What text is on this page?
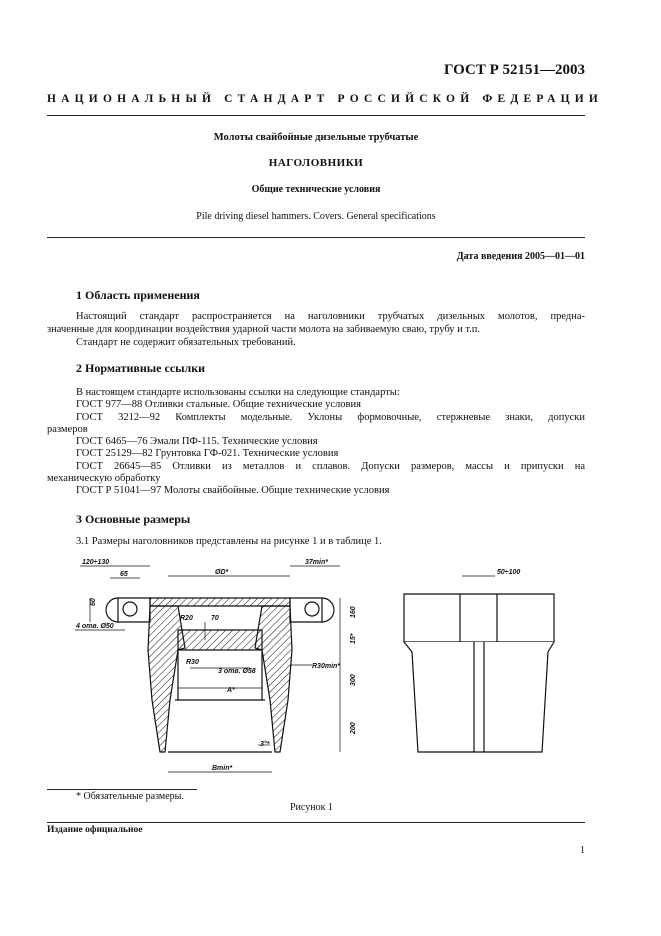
ГОСТ Р 52151—2003
НАЦИОНАЛЬНЫЙ СТАНДАРТ РОССИЙСКОЙ ФЕДЕРАЦИИ
Молоты свайбойные дизельные трубчатые
НАГОЛОВНИКИ
Общие технические условия
Pile driving diesel hammers. Covers. General specifications
Дата введения 2005—01—01
1 Область применения
Настоящий стандарт распространяется на наголовники трубчатых дизельных молотов, предна-
значенные для координации воздействия ударной части молота на забиваемую сваю, трубу и т.п.
Стандарт не содержит обязательных требований.
2 Нормативные ссылки
В настоящем стандарте использованы ссылки на следующие стандарты:
ГОСТ 977—88 Отливки стальные. Общие технические условия
ГОСТ 3212—92 Комплекты модельные. Уклоны формовочные, стержневые знаки, допуски
размеров
ГОСТ 6465—76 Эмали ПФ-115. Технические условия
ГОСТ 25129—82 Грунтовка ГФ-021. Технические условия
ГОСТ 26645—85 Отливки из металлов и сплавов. Допуски размеров, массы и припуски на
механическую обработку
ГОСТ Р 51041—97 Молоты свайбойные. Общие технические условия
3 Основные размеры
3.1 Размеры наголовников представлены на рисунке 1 и в таблице 1.
120÷130
65
60
4 отв. Ø50
ØD*
37min*
R20	70
160
15*
R30
3 отв. Ø58
R30min*
300
A*
200
3°*
Bmin*
50÷100
* Обязательные размеры.
Рисунок 1
Издание официальное
1
